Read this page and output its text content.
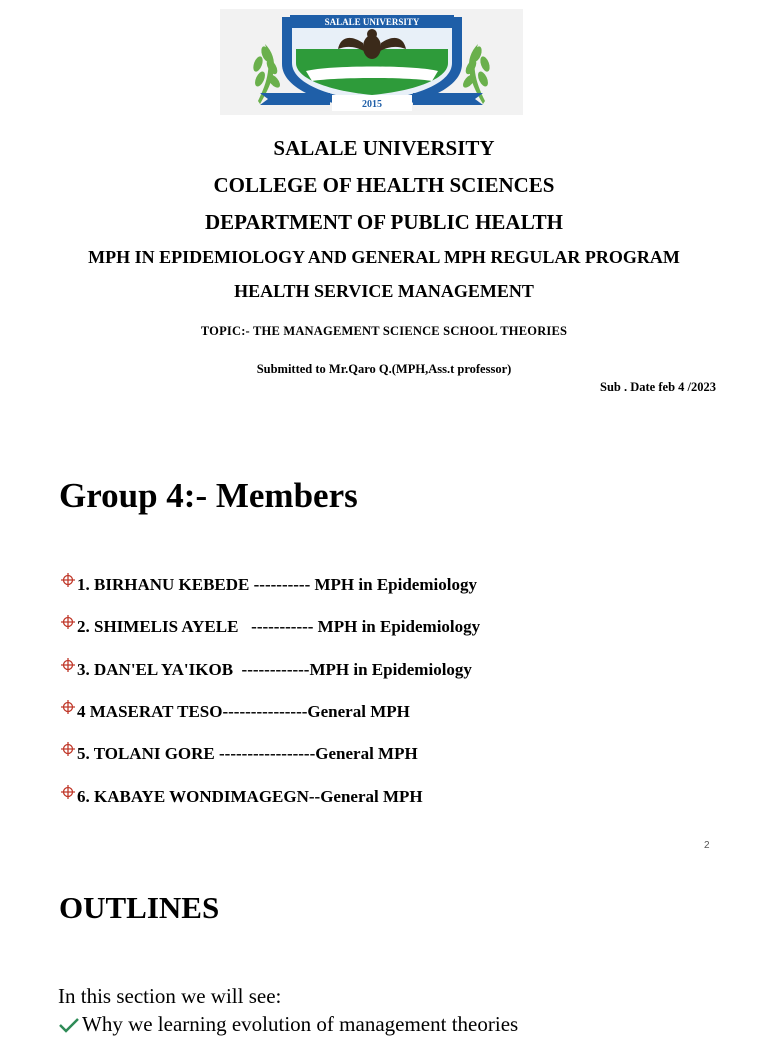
SALALE UNIVERSITY
2015
SALALE UNIVERSITY
COLLEGE OF HEALTH SCIENCES
DEPARTMENT OF PUBLIC HEALTH
MPH IN EPIDEMIOLOGY AND GENERAL MPH REGULAR PROGRAM
HEALTH SERVICE MANAGEMENT
TOPIC:- THE MANAGEMENT SCIENCE SCHOOL THEORIES
Submitted to Mr.Qaro Q.(MPH,Ass.t professor)
Sub . Date feb 4 /2023
Group 4:- Members
1. BIRHANU KEBEDE ---------- MPH in Epidemiology
2. SHIMELIS AYELE   ----------- MPH in Epidemiology
3. DAN'EL YA'IKOB  ------------MPH in Epidemiology
4 MASERAT TESO---------------General MPH
5. TOLANI GORE -----------------General MPH
6. KABAYE WONDIMAGEGN--General MPH
2
OUTLINES
In this section we will see:
Why we learning evolution of management theories
